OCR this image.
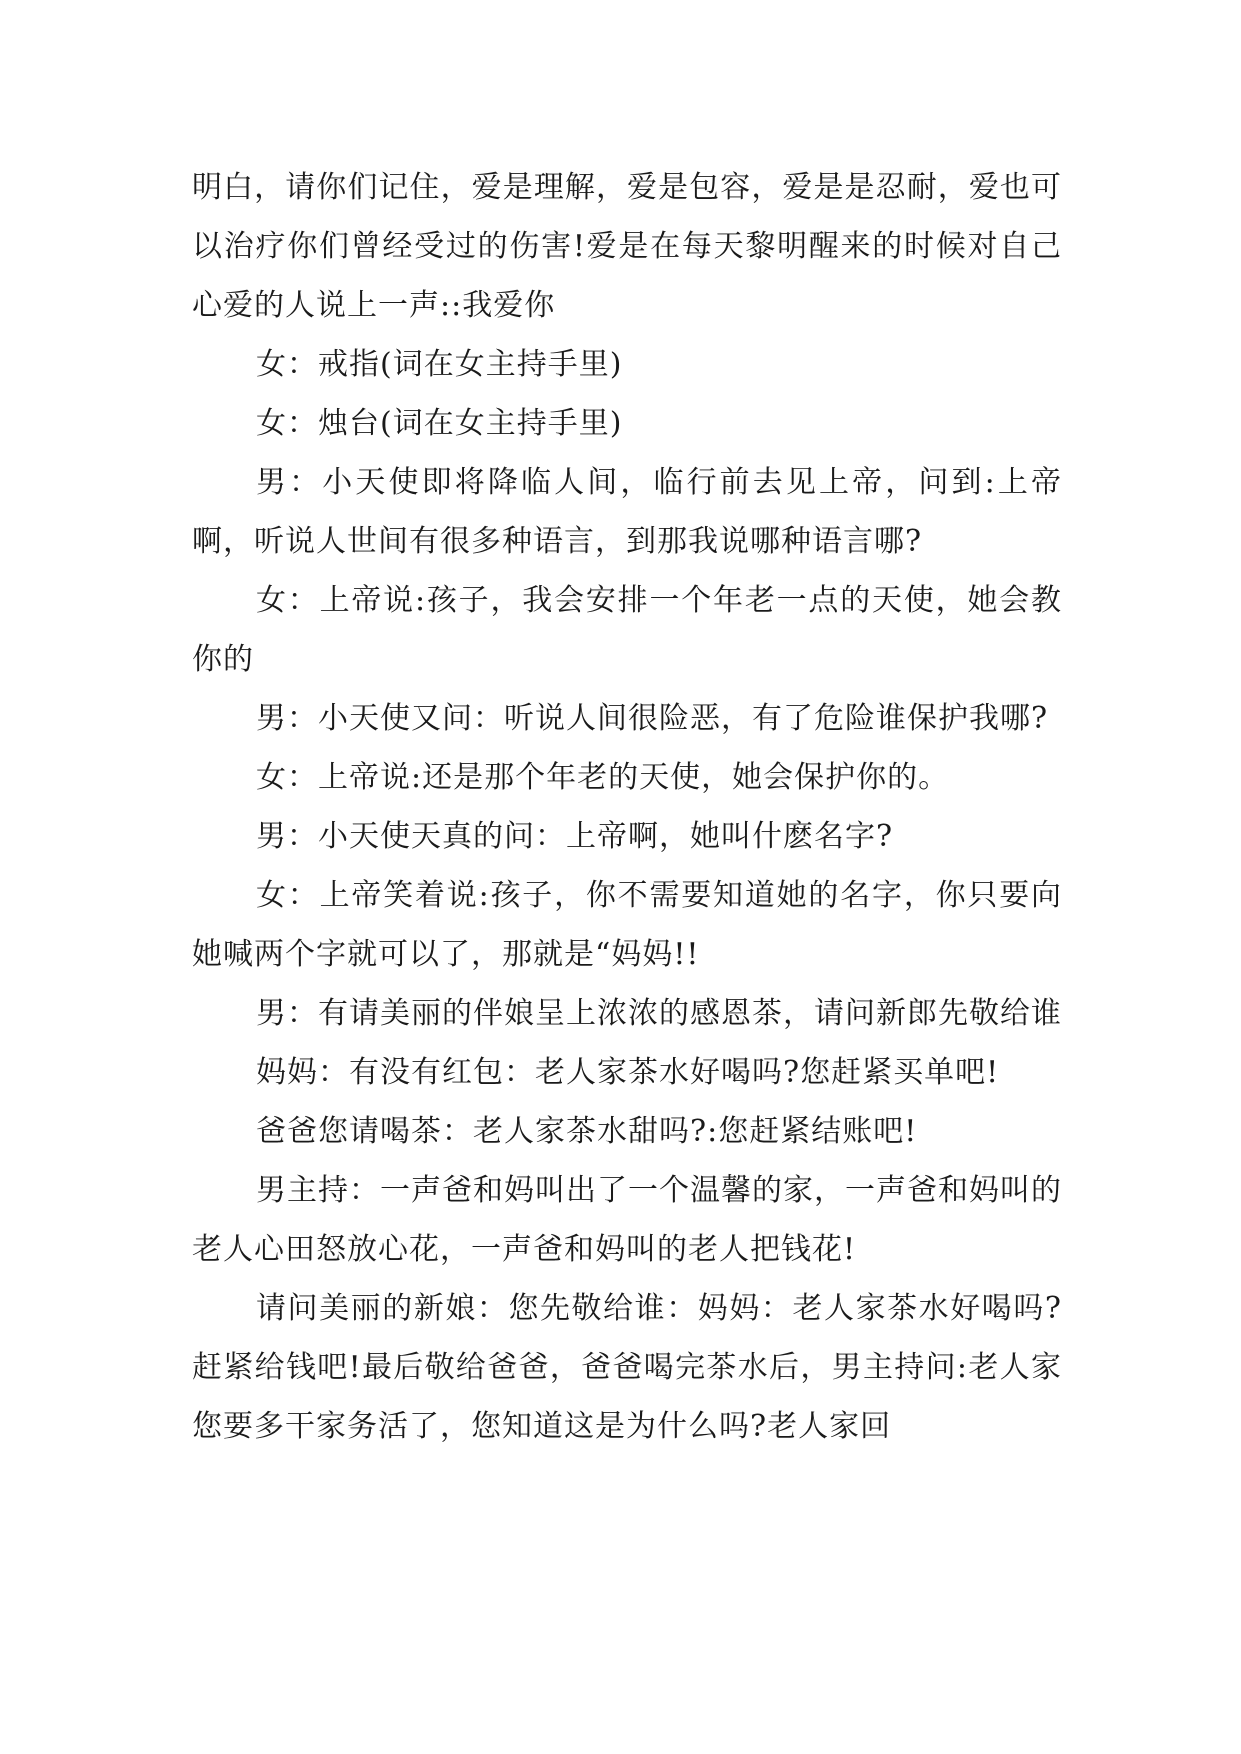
明白，请你们记住，爱是理解，爱是包容，爱是是忍耐，爱也可以治疗你们曾经受过的伤害!爱是在每天黎明醒来的时候对自己心爱的人说上一声::我爱你

女：戒指(词在女主持手里)

女：烛台(词在女主持手里)

男：小天使即将降临人间，临行前去见上帝，问到:上帝啊，听说人世间有很多种语言，到那我说哪种语言哪?

女：上帝说:孩子，我会安排一个年老一点的天使，她会教你的

男：小天使又问：听说人间很险恶，有了危险谁保护我哪?

女：上帝说:还是那个年老的天使，她会保护你的。

男：小天使天真的问：上帝啊，她叫什麽名字?

女：上帝笑着说:孩子，你不需要知道她的名字，你只要向她喊两个字就可以了，那就是“妈妈!!

男：有请美丽的伴娘呈上浓浓的感恩茶，请问新郎先敬给谁

妈妈：有没有红包：老人家茶水好喝吗?您赶紧买单吧!

爸爸您请喝茶：老人家茶水甜吗?:您赶紧结账吧!

男主持：一声爸和妈叫出了一个温馨的家，一声爸和妈叫的老人心田怒放心花，一声爸和妈叫的老人把钱花!

请问美丽的新娘：您先敬给谁：妈妈：老人家茶水好喝吗?赶紧给钱吧!最后敬给爸爸，爸爸喝完茶水后，男主持问:老人家您要多干家务活了，您知道这是为什么吗?老人家回
